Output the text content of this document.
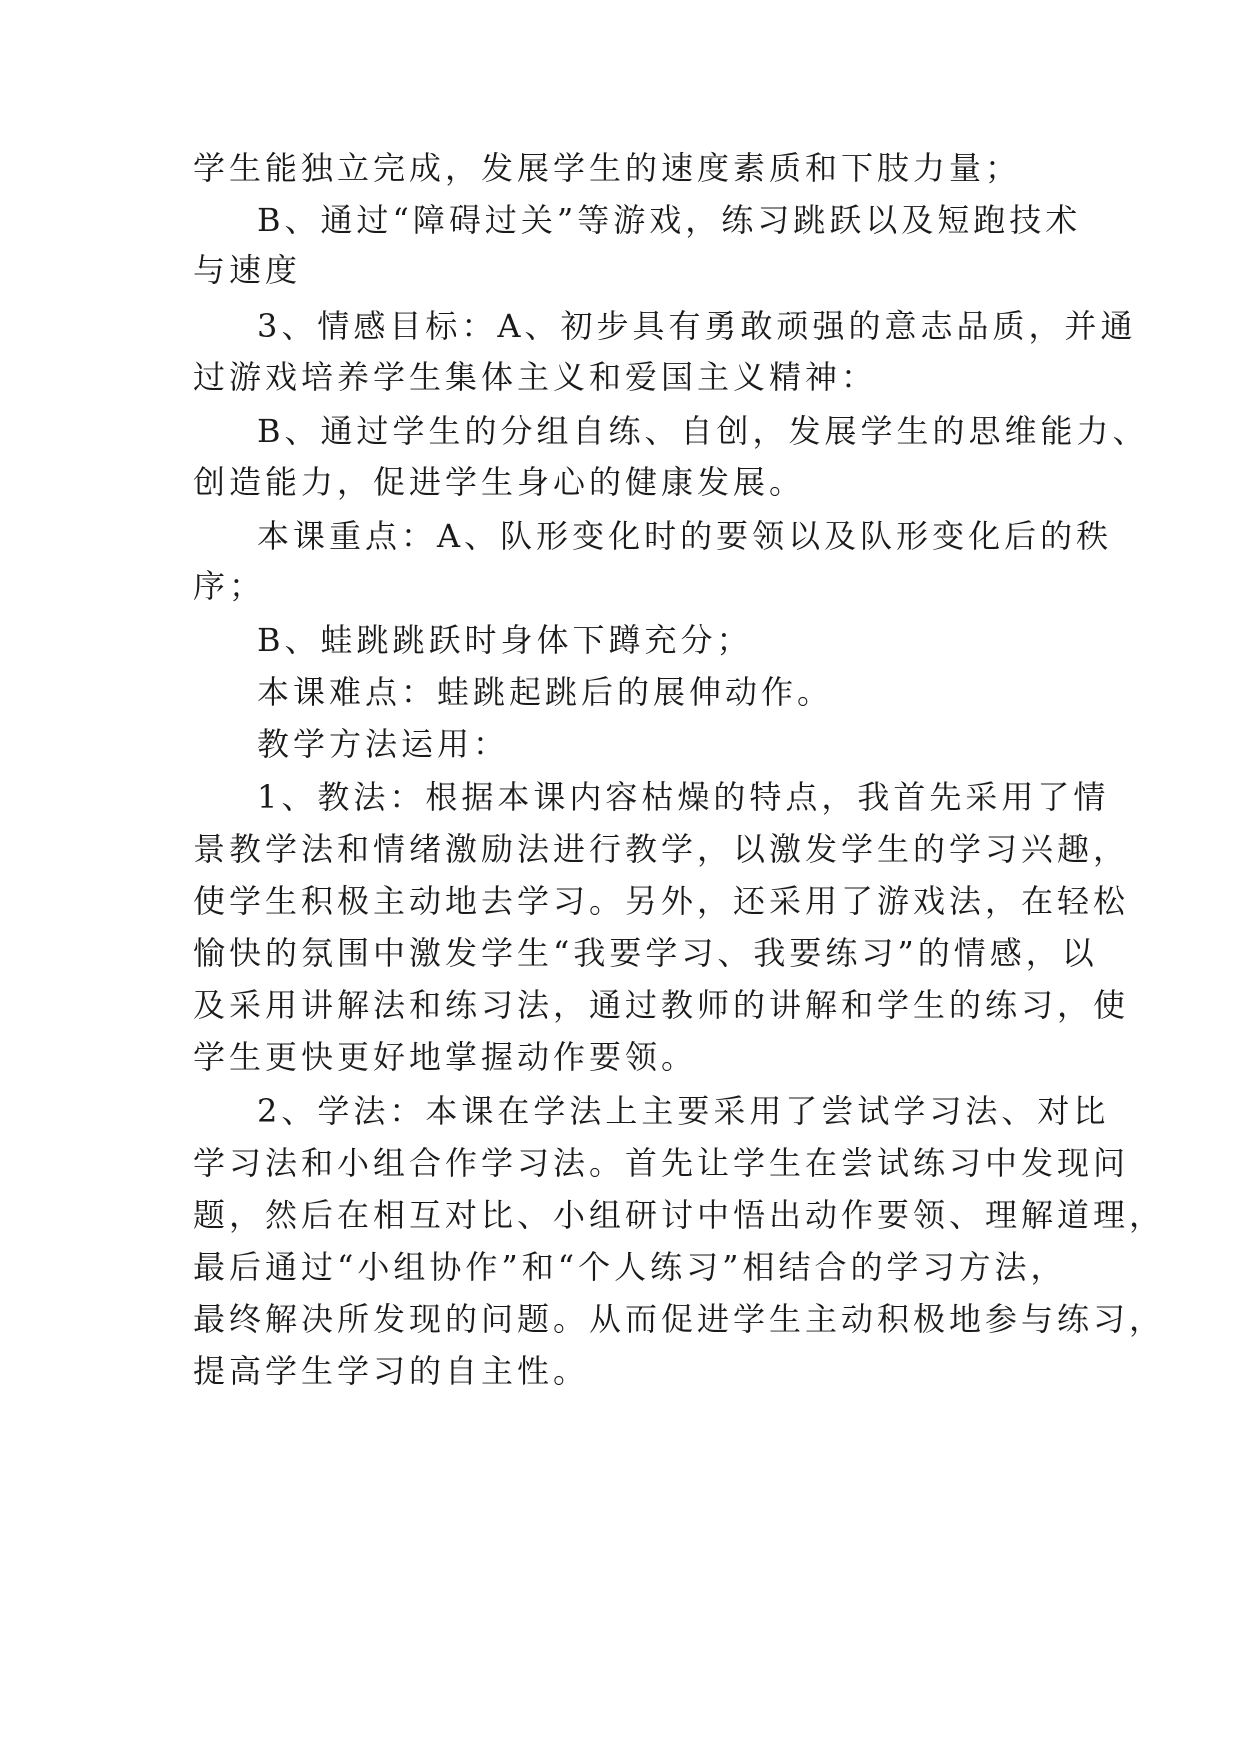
学生能独立完成，发展学生的速度素质和下肢力量；
B、通过“障碍过关”等游戏，练习跳跃以及短跑技术
与速度
3、情感目标：A、初步具有勇敢顽强的意志品质，并通
过游戏培养学生集体主义和爱国主义精神：
B、通过学生的分组自练、自创，发展学生的思维能力、
创造能力，促进学生身心的健康发展。
本课重点：A、队形变化时的要领以及队形变化后的秩
序；
B、蛙跳跳跃时身体下蹲充分；
本课难点：蛙跳起跳后的展伸动作。
教学方法运用：
1、教法：根据本课内容枯燥的特点，我首先采用了情
景教学法和情绪激励法进行教学，以激发学生的学习兴趣，
使学生积极主动地去学习。另外，还采用了游戏法，在轻松
愉快的氛围中激发学生“我要学习、我要练习”的情感，以
及采用讲解法和练习法，通过教师的讲解和学生的练习，使
学生更快更好地掌握动作要领。
2、学法：本课在学法上主要采用了尝试学习法、对比
学习法和小组合作学习法。首先让学生在尝试练习中发现问
题，然后在相互对比、小组研讨中悟出动作要领、理解道理，
最后通过“小组协作”和“个人练习”相结合的学习方法，
最终解决所发现的问题。从而促进学生主动积极地参与练习，
提高学生学习的自主性。
